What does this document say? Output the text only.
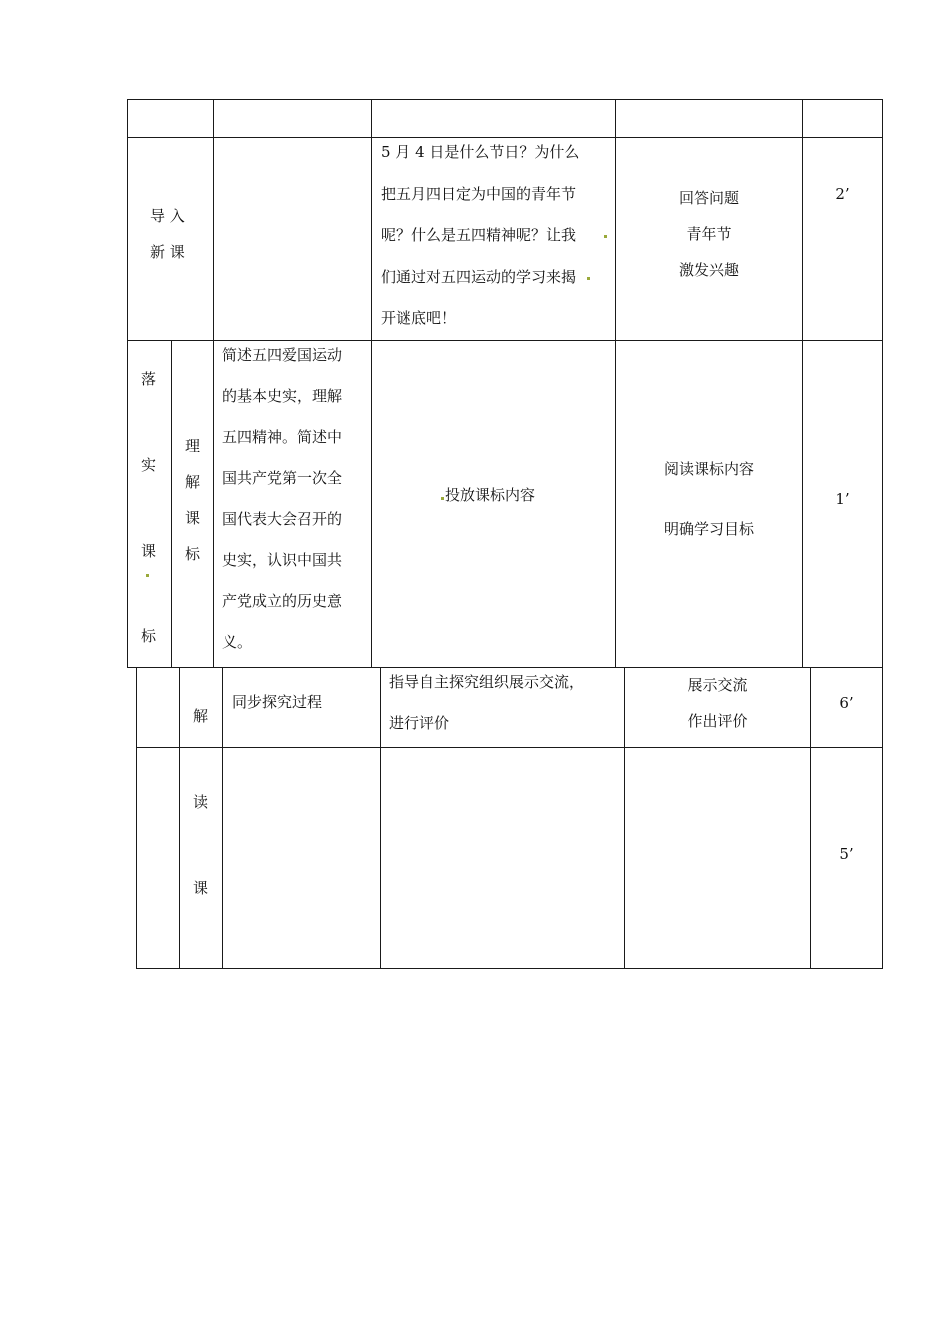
导 入
新 课
5 月 4 日是什么节日？为什么
把五月四日定为中国的青年节
呢？什么是五四精神呢？让我
们通过对五四运动的学习来揭
开谜底吧！
回答问题
青年节
激发兴趣
2’
落
实
课
标
理
解
课
标
简述五四爱国运动
的基本史实，理解
五四精神。简述中
国共产党第一次全
国代表大会召开的
史实，认识中国共
产党成立的历史意
义。
投放课标内容
阅读课标内容
明确学习目标
1’
解
读
课
同步探究过程
指导自主探究组织展示交流，
进行评价
展示交流
作出评价
6’
5’
